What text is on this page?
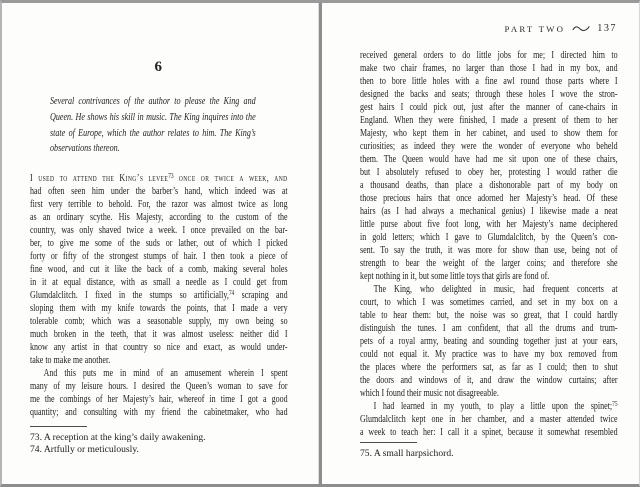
6
Several contrivances of the author to please the King and
Queen. He shows his skill in music. The King inquires into the
state of Europe, which the author relates to him. The King’s
observations thereon.
I used to attend the King’s levee$^{73}$ once or twice a week, and
had often seen him under the barber’s hand, which indeed was at
first very terrible to behold. For, the razor was almost twice as long
as an ordinary scythe. His Majesty, according to the custom of the
country, was only shaved twice a week. I once prevailed on the bar-
ber, to give me some of the suds or lather, out of which I picked
forty or fifty of the strongest stumps of hair. I then took a piece of
fine wood, and cut it like the back of a comb, making several holes
in it at equal distance, with as small a needle as I could get from
Glumdalclitch. I fixed in the stumps so artificially,$^{74}$ scraping and
sloping them with my knife towards the points, that I made a very
tolerable comb; which was a seasonable supply, my own being so
much broken in the teeth, that it was almost useless: neither did I
know any artist in that country so nice and exact, as would under-
take to make me another.
And this puts me in mind of an amusement wherein I spent
many of my leisure hours. I desired the Queen’s woman to save for
me the combings of her Majesty’s hair, whereof in time I got a good
quantity; and consulting with my friend the cabinetmaker, who had
73. A reception at the king’s daily awakening.
74. Artfully or meticulously.
PART TWO	137
received general orders to do little jobs for me; I directed him to
make two chair frames, no larger than those I had in my box, and
then to bore little holes with a fine awl round those parts where I
designed the backs and seats; through these holes I wove the stron-
gest hairs I could pick out, just after the manner of cane-chairs in
England. When they were finished, I made a present of them to her
Majesty, who kept them in her cabinet, and used to show them for
curiosities; as indeed they were the wonder of everyone who beheld
them. The Queen would have had me sit upon one of these chairs,
but I absolutely refused to obey her, protesting I would rather die
a thousand deaths, than place a dishonorable part of my body on
those precious hairs that once adorned her Majesty’s head. Of these
hairs (as I had always a mechanical genius) I likewise made a neat
little purse about five foot long, with her Majesty’s name deciphered
in gold letters; which I gave to Glumdalclitch, by the Queen’s con-
sent. To say the truth, it was more for show than use, being not of
strength to bear the weight of the larger coins; and therefore she
kept nothing in it, but some little toys that girls are fond of.
The King, who delighted in music, had frequent concerts at
court, to which I was sometimes carried, and set in my box on a
table to hear them: but, the noise was so great, that I could hardly
distinguish the tunes. I am confident, that all the drums and trum-
pets of a royal army, beating and sounding together just at your ears,
could not equal it. My practice was to have my box removed from
the places where the performers sat, as far as I could; then to shut
the doors and windows of it, and draw the window curtains; after
which I found their music not disagreeable.
I had learned in my youth, to play a little upon the spinet;$^{75}$
Glumdalclitch kept one in her chamber, and a master attended twice
a week to teach her: I call it a spinet, because it somewhat resembled
75. A small harpsichord.
